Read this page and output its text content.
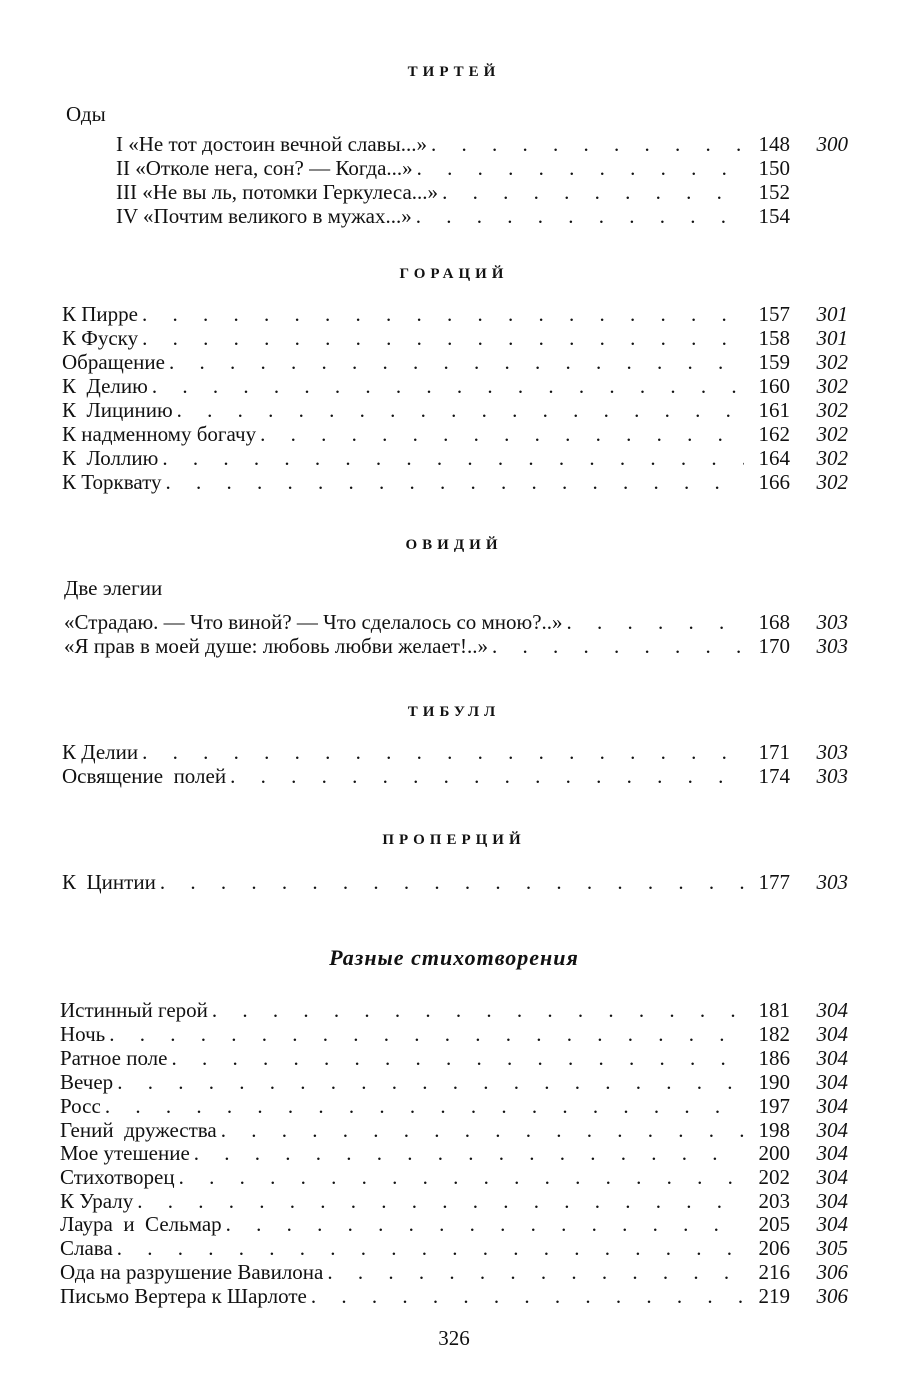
ТИРТЕЙ
Оды
I «Не тот достоин вечной славы...» . . .	148	300
II «Отколе нега, сон? — Когда...» . . .	150
III «Не вы ль, потомки Геркулеса...» . . .	152
IV «Почтим великого в мужах...» . . .	154
ГОРАЦИЙ
К Пирре . . .	157	301
К Фуску . . .	158	301
Обращение . . .	159	302
К  Делию . . .	160	302
К  Лицинию . . .	161	302
К надменному богачу . . .	162	302
К  Лоллию . . .	164	302
К Торквату . . .	166	302
ОВИДИЙ
Две элегии
«Страдаю. — Что виной? — Что сделалось со мною?..» . . .	168	303
«Я прав в моей душе: любовь любви желает!..» . . .	170	303
ТИБУЛЛ
К Делии . . .	171	303
Освящение  полей . . .	174	303
ПРОПЕРЦИЙ
К  Цинтии . . .	177	303
Разные стихотворения
Истинный герой . . .	181	304
Ночь . . .	182	304
Ратное поле . . .	186	304
Вечер . . .	190	304
Росс . . .	197	304
Гений  дружества . . .	198	304
Мое утешение . . .	200	304
Стихотворец . . .	202	304
К Уралу . . .	203	304
Лаура  и  Сельмар . . .	205	304
Слава . . .	206	305
Ода на разрушение Вавилона . . .	216	306
Письмо Вертера к Шарлоте . . .	219	306
326
